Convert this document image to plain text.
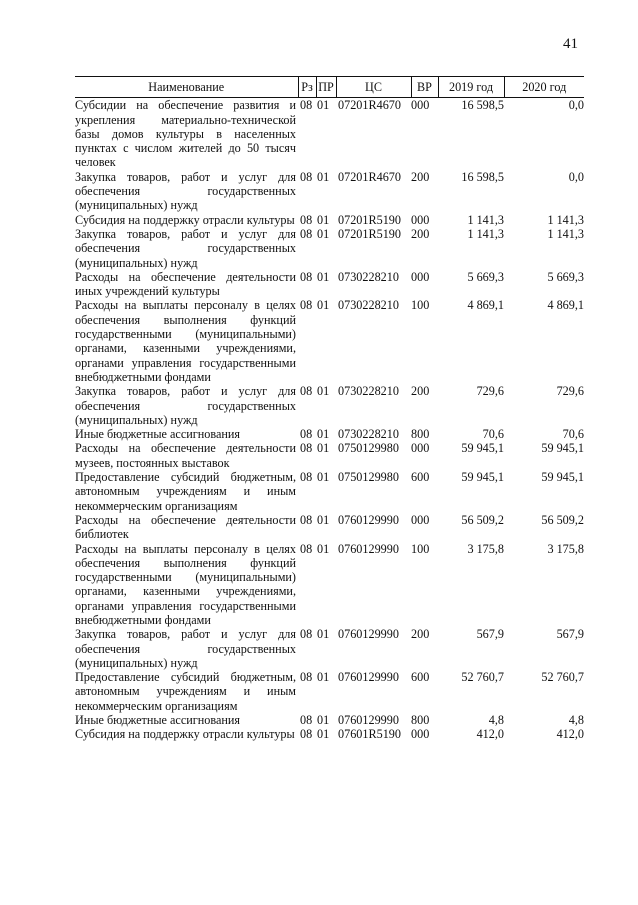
41
Наименование	Рз	ПР	ЦС	ВР	2019 год	2020 год
Субсидии на обеспечение развития и укрепления материально-технической базы домов культуры в населенных пунктах с числом жителей до 50 тысяч человек	08	01	07201R4670	000	16 598,5	0,0
Закупка товаров, работ и услуг для обеспечения государственных (муниципальных) нужд	08	01	07201R4670	200	16 598,5	0,0
Субсидия на поддержку отрасли культуры	08	01	07201R5190	000	1 141,3	1 141,3
Закупка товаров, работ и услуг для обеспечения государственных (муниципальных) нужд	08	01	07201R5190	200	1 141,3	1 141,3
Расходы на обеспечение деятельности иных учреждений культуры	08	01	0730228210	000	5 669,3	5 669,3
Расходы на выплаты персоналу в целях обеспечения выполнения функций государственными (муниципальными) органами, казенными учреждениями, органами управления государственными внебюджетными фондами	08	01	0730228210	100	4 869,1	4 869,1
Закупка товаров, работ и услуг для обеспечения государственных (муниципальных) нужд	08	01	0730228210	200	729,6	729,6
Иные бюджетные ассигнования	08	01	0730228210	800	70,6	70,6
Расходы на обеспечение деятельности музеев, постоянных выставок	08	01	0750129980	000	59 945,1	59 945,1
Предоставление субсидий бюджетным, автономным учреждениям и иным некоммерческим организациям	08	01	0750129980	600	59 945,1	59 945,1
Расходы на обеспечение деятельности библиотек	08	01	0760129990	000	56 509,2	56 509,2
Расходы на выплаты персоналу в целях обеспечения выполнения функций государственными (муниципальными) органами, казенными учреждениями, органами управления государственными внебюджетными фондами	08	01	0760129990	100	3 175,8	3 175,8
Закупка товаров, работ и услуг для обеспечения государственных (муниципальных) нужд	08	01	0760129990	200	567,9	567,9
Предоставление субсидий бюджетным, автономным учреждениям и иным некоммерческим организациям	08	01	0760129990	600	52 760,7	52 760,7
Иные бюджетные ассигнования	08	01	0760129990	800	4,8	4,8
Субсидия на поддержку отрасли культуры	08	01	07601R5190	000	412,0	412,0
